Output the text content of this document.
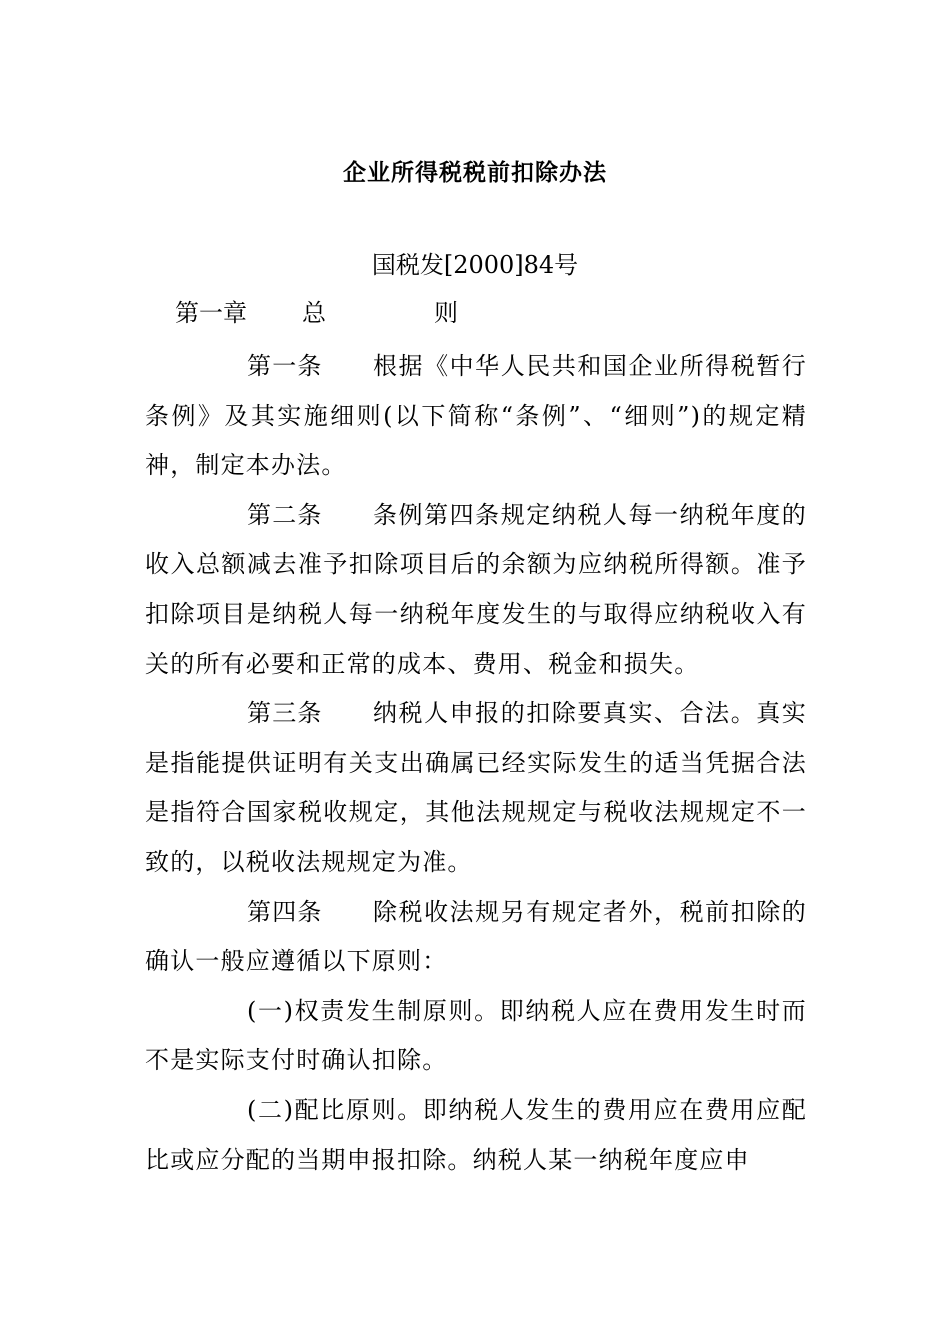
企业所得税税前扣除办法
国税发[2000]84号
第一章 总	则

第一条 根据《中华人民共和国企业所得税暂行条例》及其实施细则(以下简称“条例”、“细则”)的规定精神，制定本办法。

第二条 条例第四条规定纳税人每一纳税年度的收入总额减去准予扣除项目后的余额为应纳税所得额。准予扣除项目是纳税人每一纳税年度发生的与取得应纳税收入有关的所有必要和正常的成本、费用、税金和损失。

第三条 纳税人申报的扣除要真实、合法。真实是指能提供证明有关支出确属已经实际发生的适当凭据合法是指符合国家税收规定，其他法规规定与税收法规规定不一致的，以税收法规规定为准。

第四条 除税收法规另有规定者外，税前扣除的确认一般应遵循以下原则：

(一)权责发生制原则。即纳税人应在费用发生时而不是实际支付时确认扣除。

(二)配比原则。即纳税人发生的费用应在费用应配比或应分配的当期申报扣除。纳税人某一纳税年度应申
